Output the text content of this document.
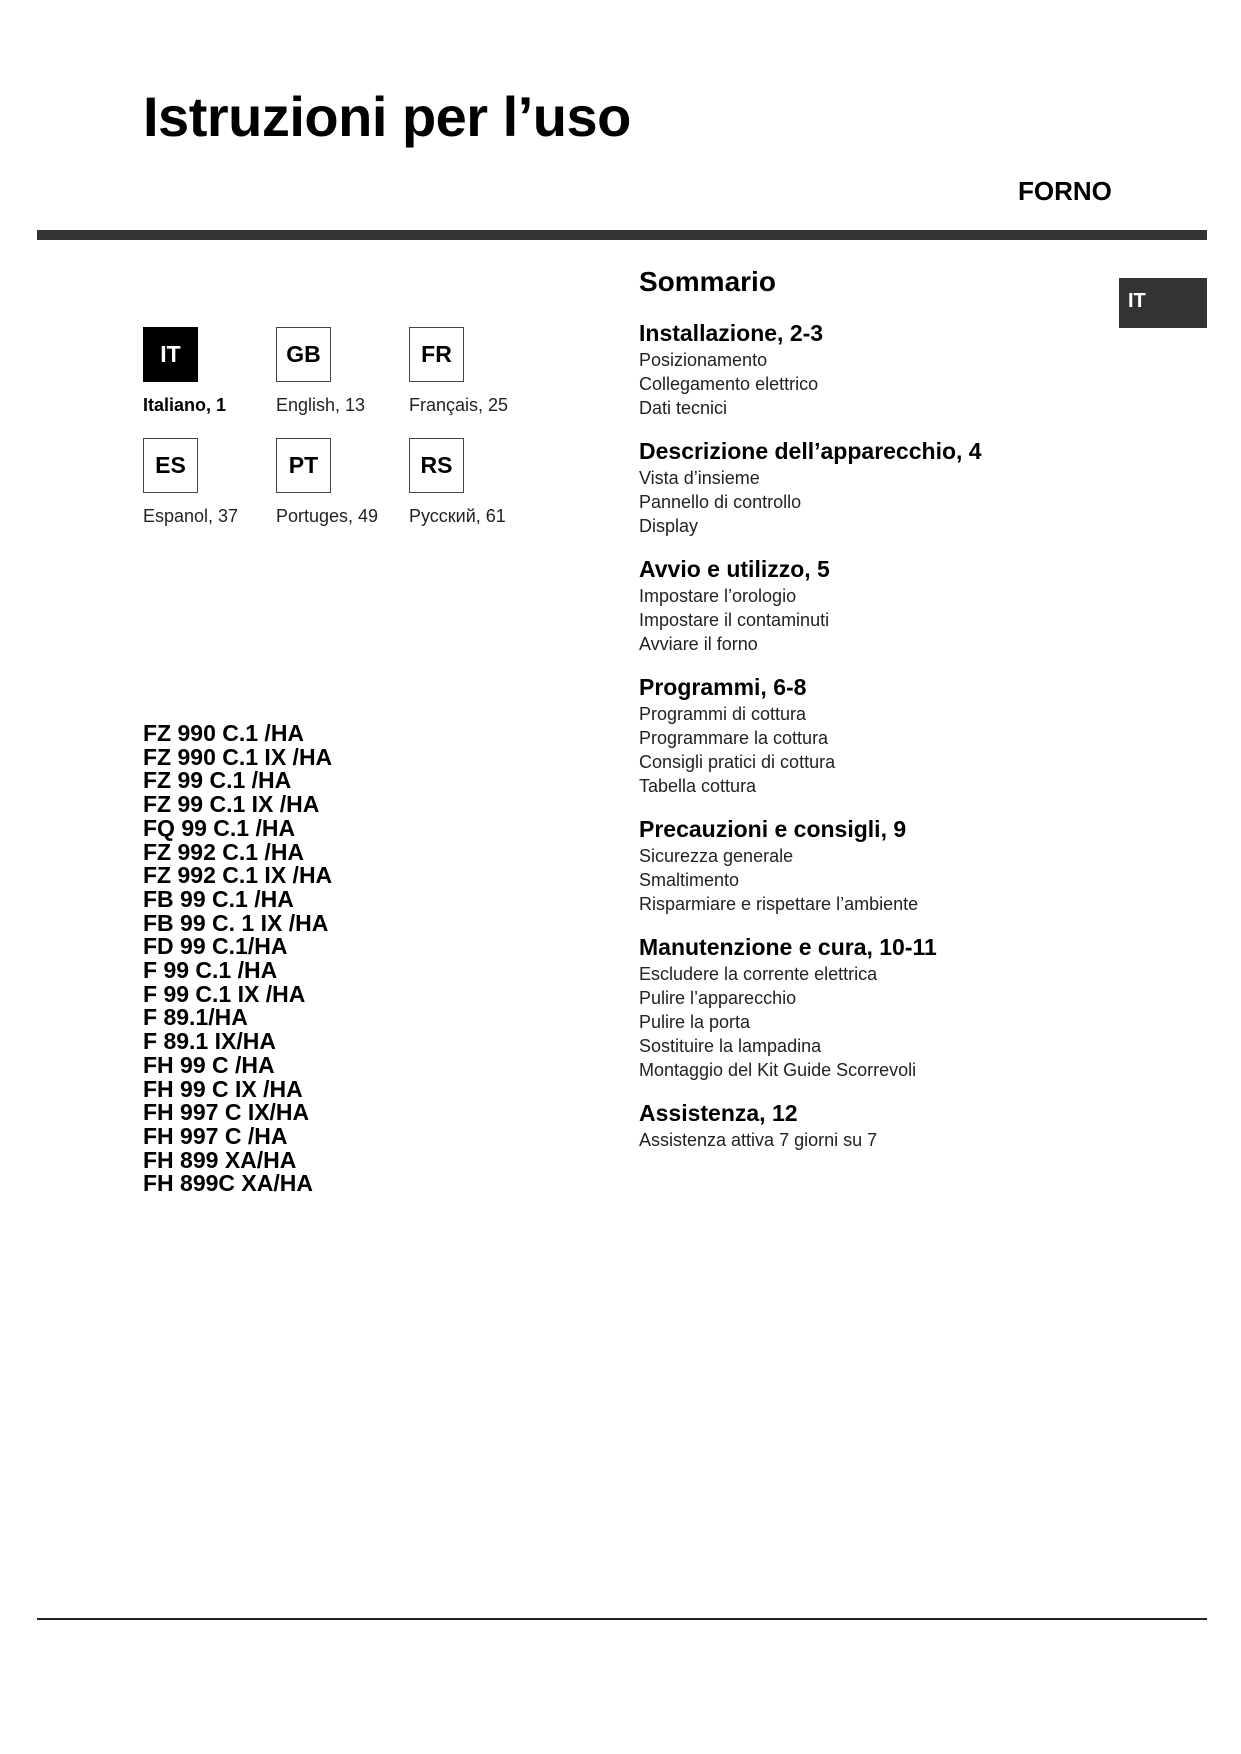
Istruzioni per l’uso
FORNO
IT
IT	GB	FR
Italiano, 1	English, 13 Français, 25
ES	PT	RS
Espanol, 37 Portuges, 49 Русский, 61
FZ 990 C.1 /HA
FZ 990 C.1 IX /HA
FZ 99 C.1 /HA
FZ 99 C.1 IX /HA
FQ 99 C.1 /HA
FZ 992 C.1 /HA
FZ 992 C.1 IX /HA
FB 99 C.1 /HA
FB 99 C. 1 IX /HA
FD 99 C.1/HA
F 99 C.1 /HA
F 99 C.1 IX /HA
F 89.1/HA
F 89.1 IX/HA
FH 99 C /HA
FH 99 C IX /HA
FH 997 C IX/HA
FH 997 C /HA
FH 899 XA/HA
FH 899C XA/HA
Sommario
Installazione, 2-3
Posizionamento
Collegamento elettrico
Dati tecnici
Descrizione dell’apparecchio, 4
Vista d’insieme
Pannello di controllo
Display
Avvio e utilizzo, 5
Impostare l’orologio
Impostare il contaminuti
Avviare il forno
Programmi, 6-8
Programmi di cottura
Programmare la cottura
Consigli pratici di cottura
Tabella cottura
Precauzioni e consigli, 9
Sicurezza generale
Smaltimento
Risparmiare e rispettare l’ambiente
Manutenzione e cura, 10-11
Escludere la corrente elettrica
Pulire l’apparecchio
Pulire la porta
Sostituire la lampadina
Montaggio del Kit Guide Scorrevoli
Assistenza, 12
Assistenza attiva 7 giorni su 7
